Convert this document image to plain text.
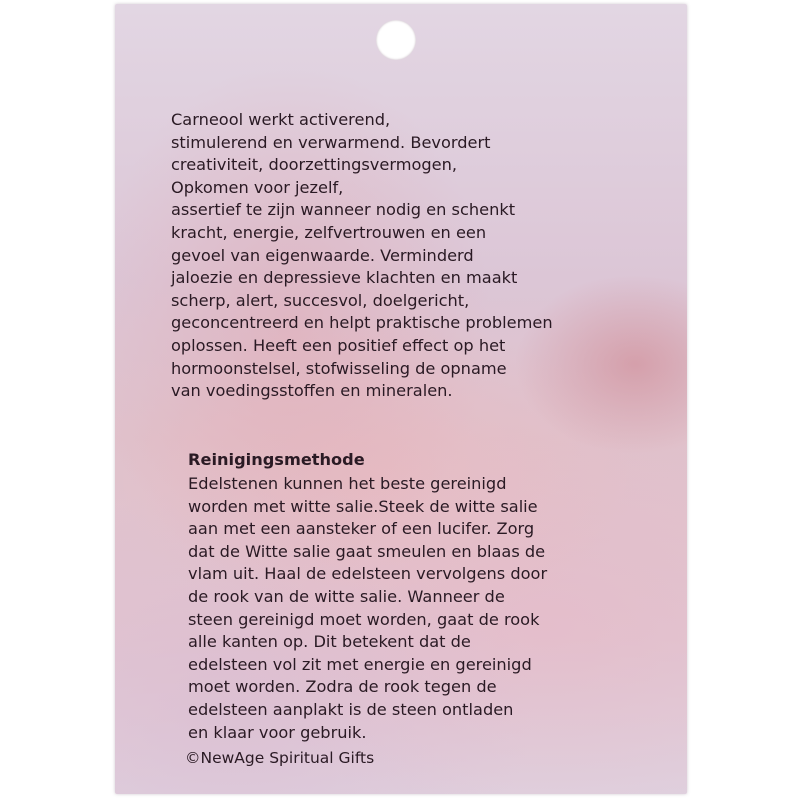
Carneool werkt activerend,
stimulerend en verwarmend. Bevordert
creativiteit, doorzettingsvermogen,
Opkomen voor jezelf,
assertief te zijn wanneer nodig en schenkt
kracht, energie, zelfvertrouwen en een
gevoel van eigenwaarde. Verminderd
jaloezie en depressieve klachten en maakt
scherp, alert, succesvol, doelgericht,
geconcentreerd en helpt praktische problemen
oplossen. Heeft een positief effect op het
hormoonstelsel, stofwisseling de opname
van voedingsstoffen en mineralen.

Reinigingsmethode

Edelstenen kunnen het beste gereinigd
worden met witte salie.Steek de witte salie
aan met een aansteker of een lucifer. Zorg
dat de Witte salie gaat smeulen en blaas de
vlam uit. Haal de edelsteen vervolgens door
de rook van de witte salie. Wanneer de
steen gereinigd moet worden, gaat de rook
alle kanten op. Dit betekent dat de
edelsteen vol zit met energie en gereinigd
moet worden. Zodra de rook tegen de
edelsteen aanplakt is de steen ontladen
en klaar voor gebruik.

©NewAge Spiritual Gifts
